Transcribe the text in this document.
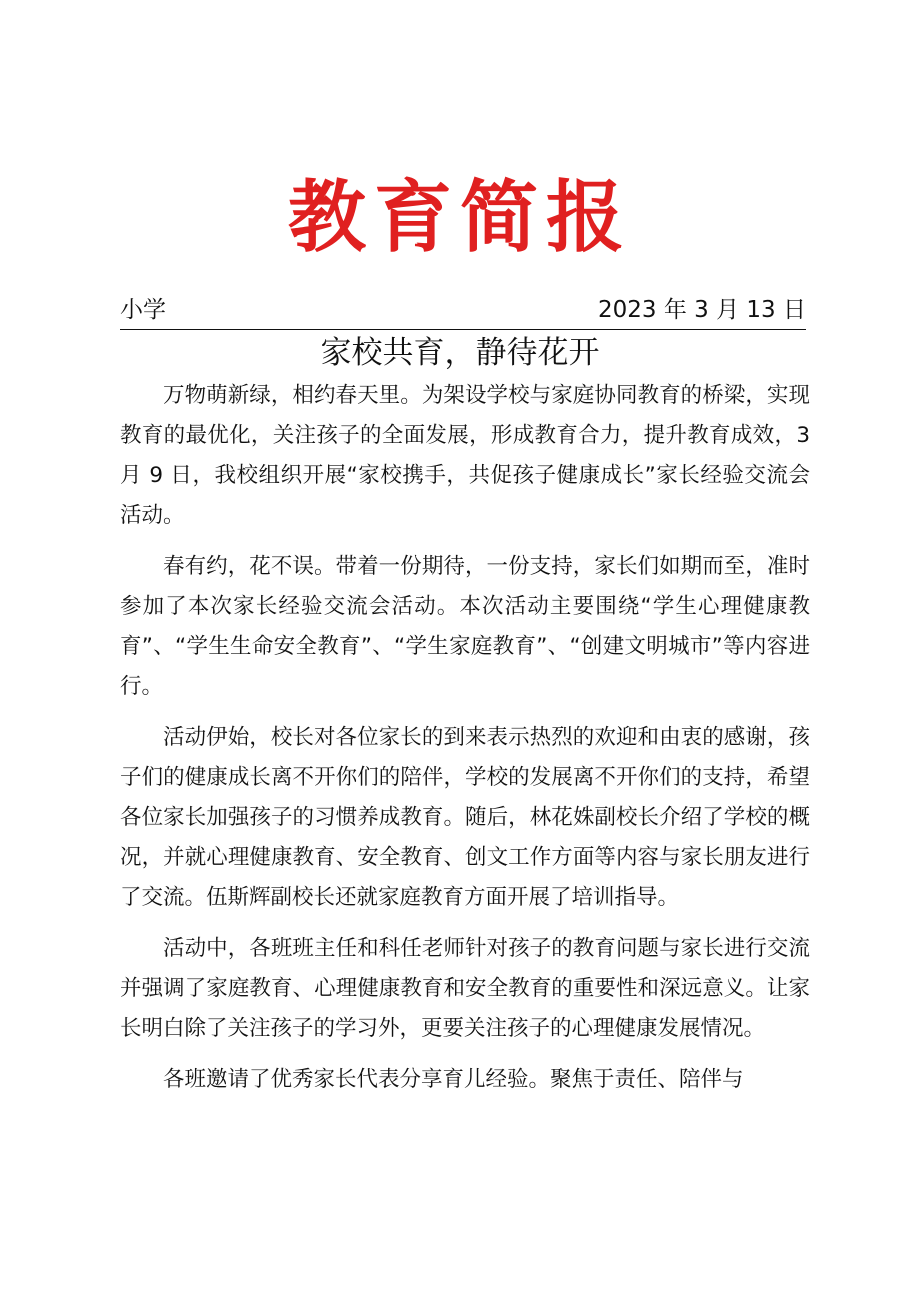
教育简报
小学	2023 年 3 月 13 日
家校共育，静待花开

万物萌新绿，相约春天里。为架设学校与家庭协同教育的桥梁，实现教育的最优化，关注孩子的全面发展，形成教育合力，提升教育成效，3 月 9 日，我校组织开展“家校携手，共促孩子健康成长”家长经验交流会活动。

春有约，花不误。带着一份期待，一份支持，家长们如期而至，准时参加了本次家长经验交流会活动。本次活动主要围绕“学生心理健康教育”、“学生生命安全教育”、“学生家庭教育”、“创建文明城市”等内容进行。

活动伊始，校长对各位家长的到来表示热烈的欢迎和由衷的感谢，孩子们的健康成长离不开你们的陪伴，学校的发展离不开你们的支持，希望各位家长加强孩子的习惯养成教育。随后，林花姝副校长介绍了学校的概况，并就心理健康教育、安全教育、创文工作方面等内容与家长朋友进行了交流。伍斯辉副校长还就家庭教育方面开展了培训指导。

活动中，各班班主任和科任老师针对孩子的教育问题与家长进行交流并强调了家庭教育、心理健康教育和安全教育的重要性和深远意义。让家长明白除了关注孩子的学习外，更要关注孩子的心理健康发展情况。

各班邀请了优秀家长代表分享育儿经验。聚焦于责任、陪伴与
